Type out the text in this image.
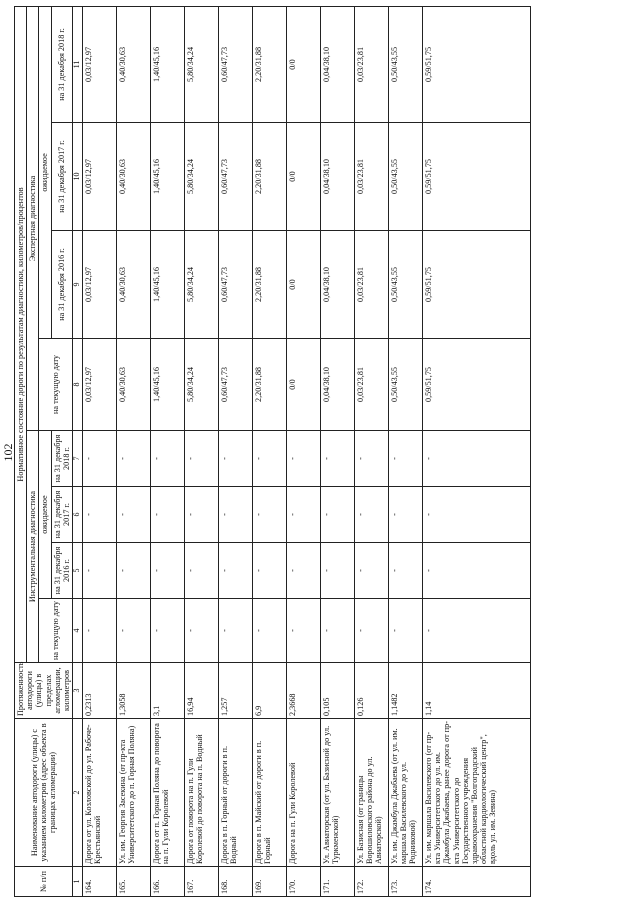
102
№ п/п	Наименование автодороги (улицы) с указанием километров (адрес объекта в границах агломерации)	Протяженность автодороги (улицы) в пределах агломерации, километров	Нормативное состояние дороги по результатам диагностики, километров/процентов							
			Инструментальная диагностика				Экспертная диагностика			
			на текущую дату	ожидаемое			на текущую дату	ожидаемое		
				на 31 декабря 2016 г.	на 31 декабря 2017 г.	на 31 декабря 2018 г.		на 31 декабря 2016 г.	на 31 декабря 2017 г.	на 31 декабря 2018 г.
1	2	3	4	5	6	7	8	9	10	11
164.	Дорога от ул. Козловской до ул. Рабоче-Крестьянской	0,2313	-	-	-	-	0,03/12,97	0,03/12,97	0,03/12,97	0,03/12,97
165.	Ул. им. Георгия Засекина (от пр-кта Университетского до п. Горная Поляна)	1,3058	-	-	-	-	0,40/30,63	0,40/30,63	0,40/30,63	0,40/30,63
166.	Дорога от п. Горная Поляна до поворота на п. Гули Королевой	3,1	-	-	-	-	1,40/45,16	1,40/45,16	1,40/45,16	1,40/45,16
167.	Дорога от поворота на п. Гули Королевой до поворота на п. Водный	16,94	-	-	-	-	5,80/34,24	5,80/34,24	5,80/34,24	5,80/34,24
168.	Дорога в п. Горный от дороги в п. Водный	1,257	-	-	-	-	0,60/47,73	0,60/47,73	0,60/47,73	0,60/47,73
169.	Дорога в п. Майский от дороги в п. Горный	6,9	-	-	-	-	2,20/31,88	2,20/31,88	2,20/31,88	2,20/31,88
170.	Дорога на п. Гули Королевой	2,3668	-	-	-	-	0/0	0/0	0/0	0/0
171.	Ул. Авиаторская (от ул. Базисной до ул. Туркменской)	0,105	-	-	-	-	0,04/38,10	0,04/38,10	0,04/38,10	0,04/38,10
172.	Ул. Базисная (от границы Ворошиловского района до ул. Авиаторской)	0,126	-	-	-	-	0,03/23,81	0,03/23,81	0,03/23,81	0,03/23,81
173.	Ул. им. Джамбула Джабаева (от ул. им. маршала Василевского до ул. Родниковой)	1,1482	-	-	-	-	0,50/43,55	0,50/43,55	0,50/43,55	0,50/43,55
174.	Ул. им. маршала Василевского (от пр-кта Университетского до ул. им. Джамбула Джабаева, ранее дорога от пр-кта Университетского до Государственного учреждения здравоохранения "Волгоградский областной кардиологический центр", вдоль ул. им. Зевина)	1,14	-	-	-	-	0,59/51,75	0,59/51,75	0,59/51,75	0,59/51,75
